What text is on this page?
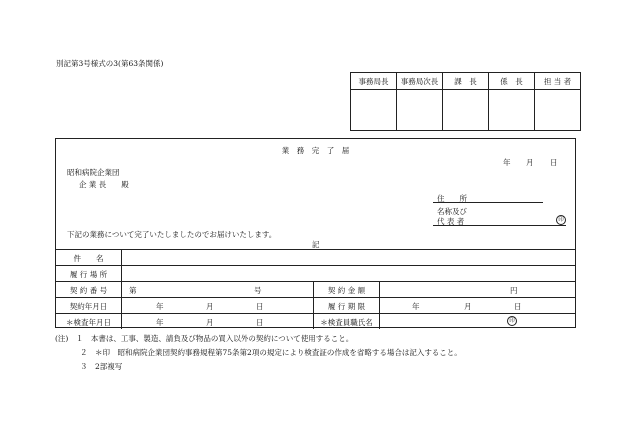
別記第3号様式の3(第63条関係)
事務局長	事務局次長	課　長	係　長	担 当 者

業　務　完　了　届
年 月 日
昭和病院企業団
企 業 長　　殿
住　　所
名称及び
代 表 者	印
下記の業務について完了いたしましたのでお届けいたします。
記
件　　名
履 行 場 所
契 約 番 号	第	号	契 約 金 額	円
契約年月日	年	月	日	履 行 期 限	年	月	日
＊検査年月日	年	月	日	＊検査員職氏名	印
(注)　１　本書は、工事、製造、請負及び物品の買入以外の契約について使用すること。
２　＊印　昭和病院企業団契約事務規程第75条第2項の規定により検査証の作成を省略する場合は記入すること。
３　2部複写
